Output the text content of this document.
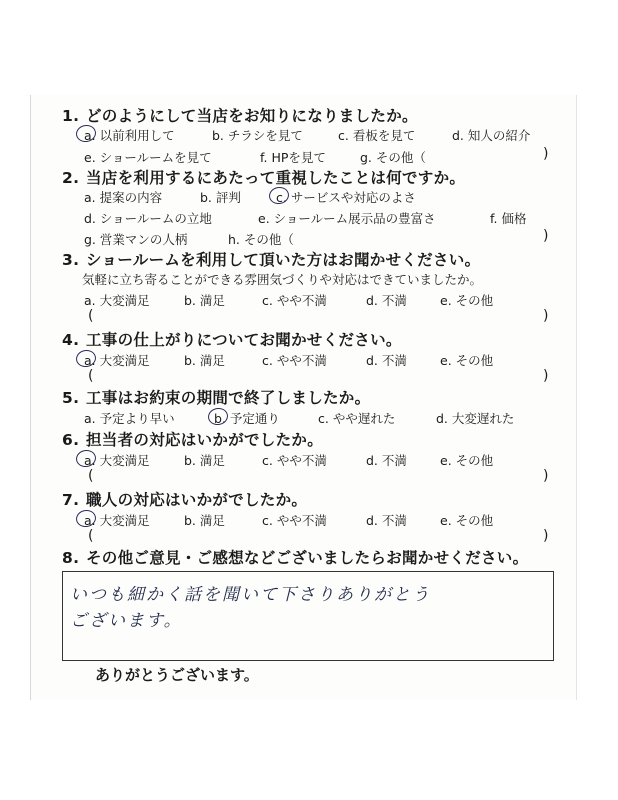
1. どのようにして当店をお知りになりましたか。
a. 以前利用して	b. チラシを見て	c. 看板を見て	d. 知人の紹介
e. ショールームを見て	f. HPを見て	g. その他（	)
2. 当店を利用するにあたって重視したことは何ですか。
a. 提案の内容	b. 評判	c. サービスや対応のよさ
d. ショールームの立地	e. ショールーム展示品の豊富さ	f. 価格
g. 営業マンの人柄	h. その他（	)
3. ショールームを利用して頂いた方はお聞かせください。
気軽に立ち寄ることができる雰囲気づくりや対応はできていましたか。
a. 大変満足	b. 満足	c. やや不満	d. 不満	e. その他
(	)
4. 工事の仕上がりについてお聞かせください。
a. 大変満足	b. 満足	c. やや不満	d. 不満	e. その他
(	)
5. 工事はお約束の期間で終了しましたか。
a. 予定より早い	b. 予定通り	c. やや遅れた	d. 大変遅れた
6. 担当者の対応はいかがでしたか。
a. 大変満足	b. 満足	c. やや不満	d. 不満	e. その他
(	)
7. 職人の対応はいかがでしたか。
a. 大変満足	b. 満足	c. やや不満	d. 不満	e. その他
(	)
8. その他ご意見・ご感想などございましたらお聞かせください。
いつも細かく話を聞いて下さりありがとう
ございます。
ありがとうございます。
